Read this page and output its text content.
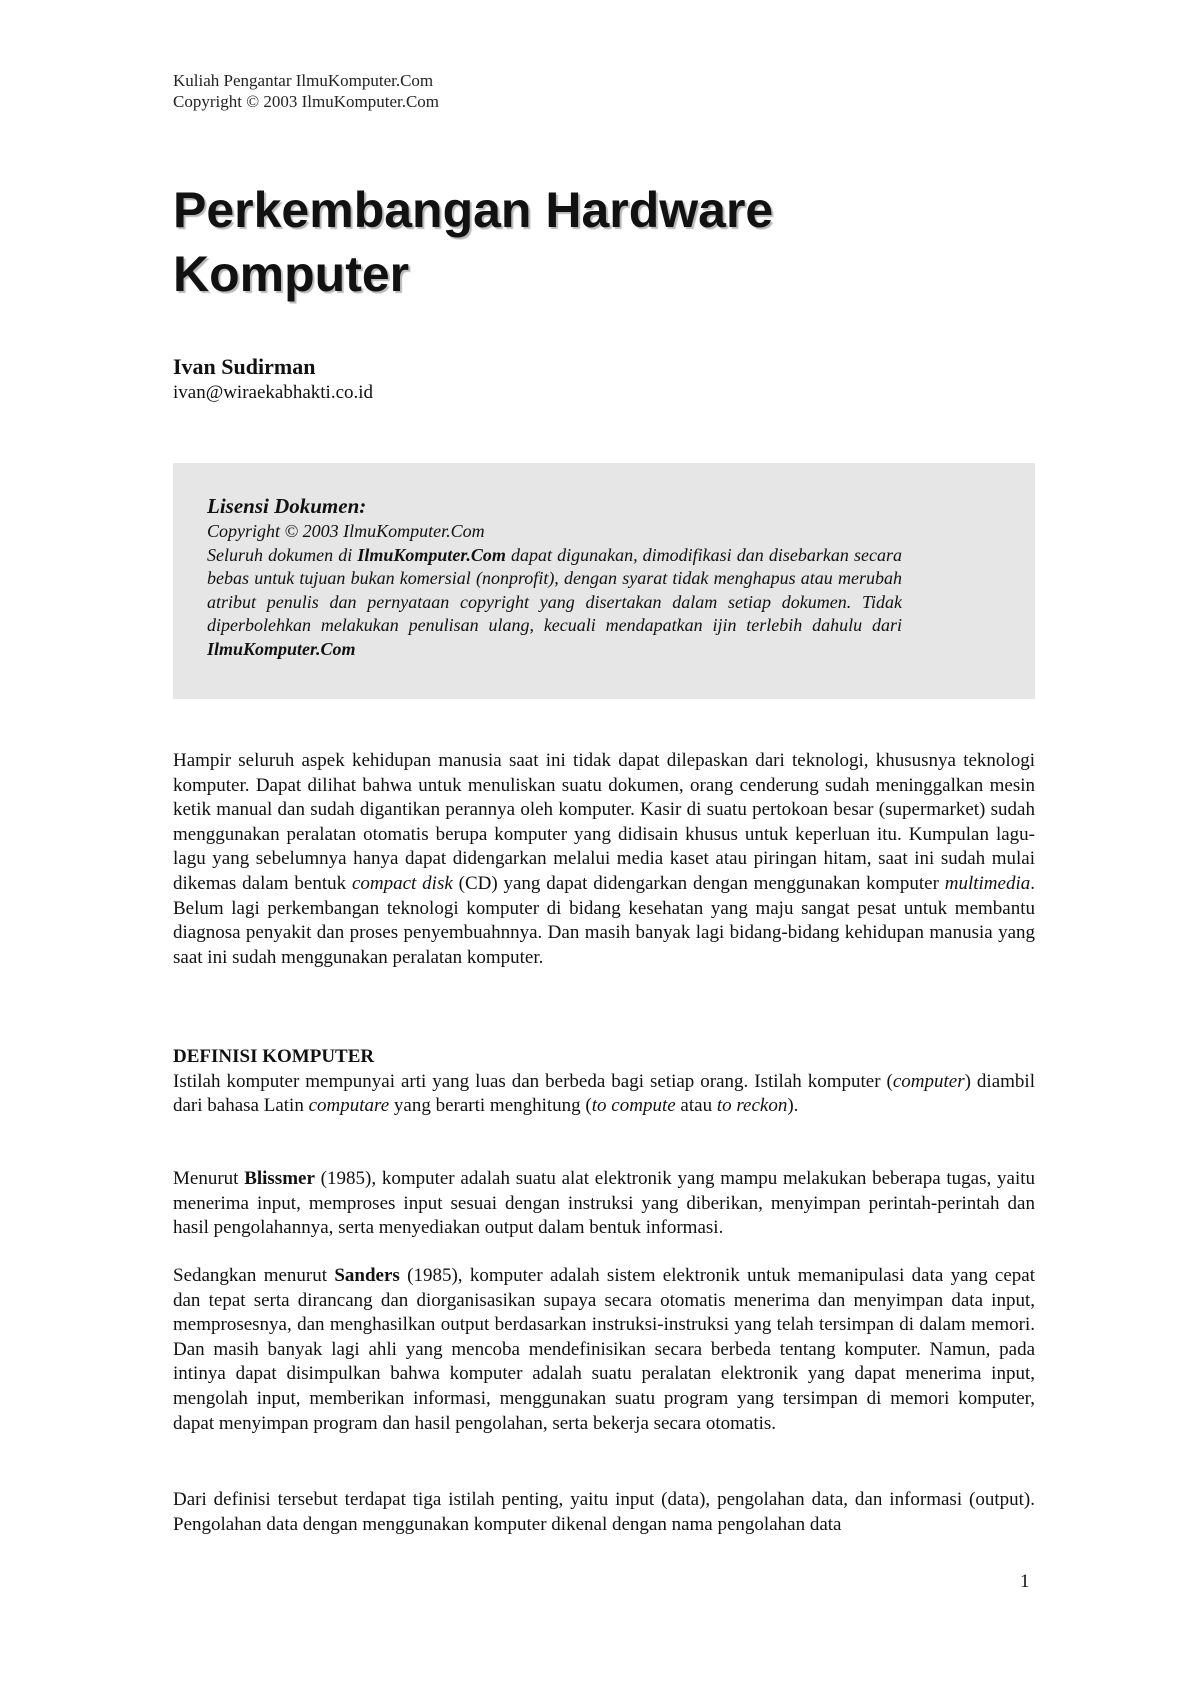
Kuliah Pengantar IlmuKomputer.Com
Copyright © 2003 IlmuKomputer.Com
Perkembangan Hardware
Komputer
Ivan Sudirman
ivan@wiraekabhakti.co.id
Lisensi Dokumen:
Copyright © 2003 IlmuKomputer.Com
Seluruh dokumen di IlmuKomputer.Com dapat digunakan, dimodifikasi dan disebarkan secara bebas untuk tujuan bukan komersial (nonprofit), dengan syarat tidak menghapus atau merubah atribut penulis dan pernyataan copyright yang disertakan dalam setiap dokumen. Tidak diperbolehkan melakukan penulisan ulang, kecuali mendapatkan ijin terlebih dahulu dari IlmuKomputer.Com

Hampir seluruh aspek kehidupan manusia saat ini tidak dapat dilepaskan dari teknologi, khususnya teknologi komputer. Dapat dilihat bahwa untuk menuliskan suatu dokumen, orang cenderung sudah meninggalkan mesin ketik manual dan sudah digantikan perannya oleh komputer. Kasir di suatu pertokoan besar (supermarket) sudah menggunakan peralatan otomatis berupa komputer yang didisain khusus untuk keperluan itu. Kumpulan lagu-lagu yang sebelumnya hanya dapat didengarkan melalui media kaset atau piringan hitam, saat ini sudah mulai dikemas dalam bentuk compact disk (CD) yang dapat didengarkan dengan menggunakan komputer multimedia. Belum lagi perkembangan teknologi komputer di bidang kesehatan yang maju sangat pesat untuk membantu diagnosa penyakit dan proses penyembuahnnya. Dan masih banyak lagi bidang-bidang kehidupan manusia yang saat ini sudah menggunakan peralatan komputer.

DEFINISI KOMPUTER

Istilah komputer mempunyai arti yang luas dan berbeda bagi setiap orang. Istilah komputer (computer) diambil dari bahasa Latin computare yang berarti menghitung (to compute atau to reckon).

Menurut Blissmer (1985), komputer adalah suatu alat elektronik yang mampu melakukan beberapa tugas, yaitu menerima input, memproses input sesuai dengan instruksi yang diberikan, menyimpan perintah-perintah dan hasil pengolahannya, serta menyediakan output dalam bentuk informasi.

Sedangkan menurut Sanders (1985), komputer adalah sistem elektronik untuk memanipulasi data yang cepat dan tepat serta dirancang dan diorganisasikan supaya secara otomatis menerima dan menyimpan data input, memprosesnya, dan menghasilkan output berdasarkan instruksi-instruksi yang telah tersimpan di dalam memori. Dan masih banyak lagi ahli yang mencoba mendefinisikan secara berbeda tentang komputer. Namun, pada intinya dapat disimpulkan bahwa komputer adalah suatu peralatan elektronik yang dapat menerima input, mengolah input, memberikan informasi, menggunakan suatu program yang tersimpan di memori komputer, dapat menyimpan program dan hasil pengolahan, serta bekerja secara otomatis.

Dari definisi tersebut terdapat tiga istilah penting, yaitu input (data), pengolahan data, dan informasi (output). Pengolahan data dengan menggunakan komputer dikenal dengan nama pengolahan data

1
